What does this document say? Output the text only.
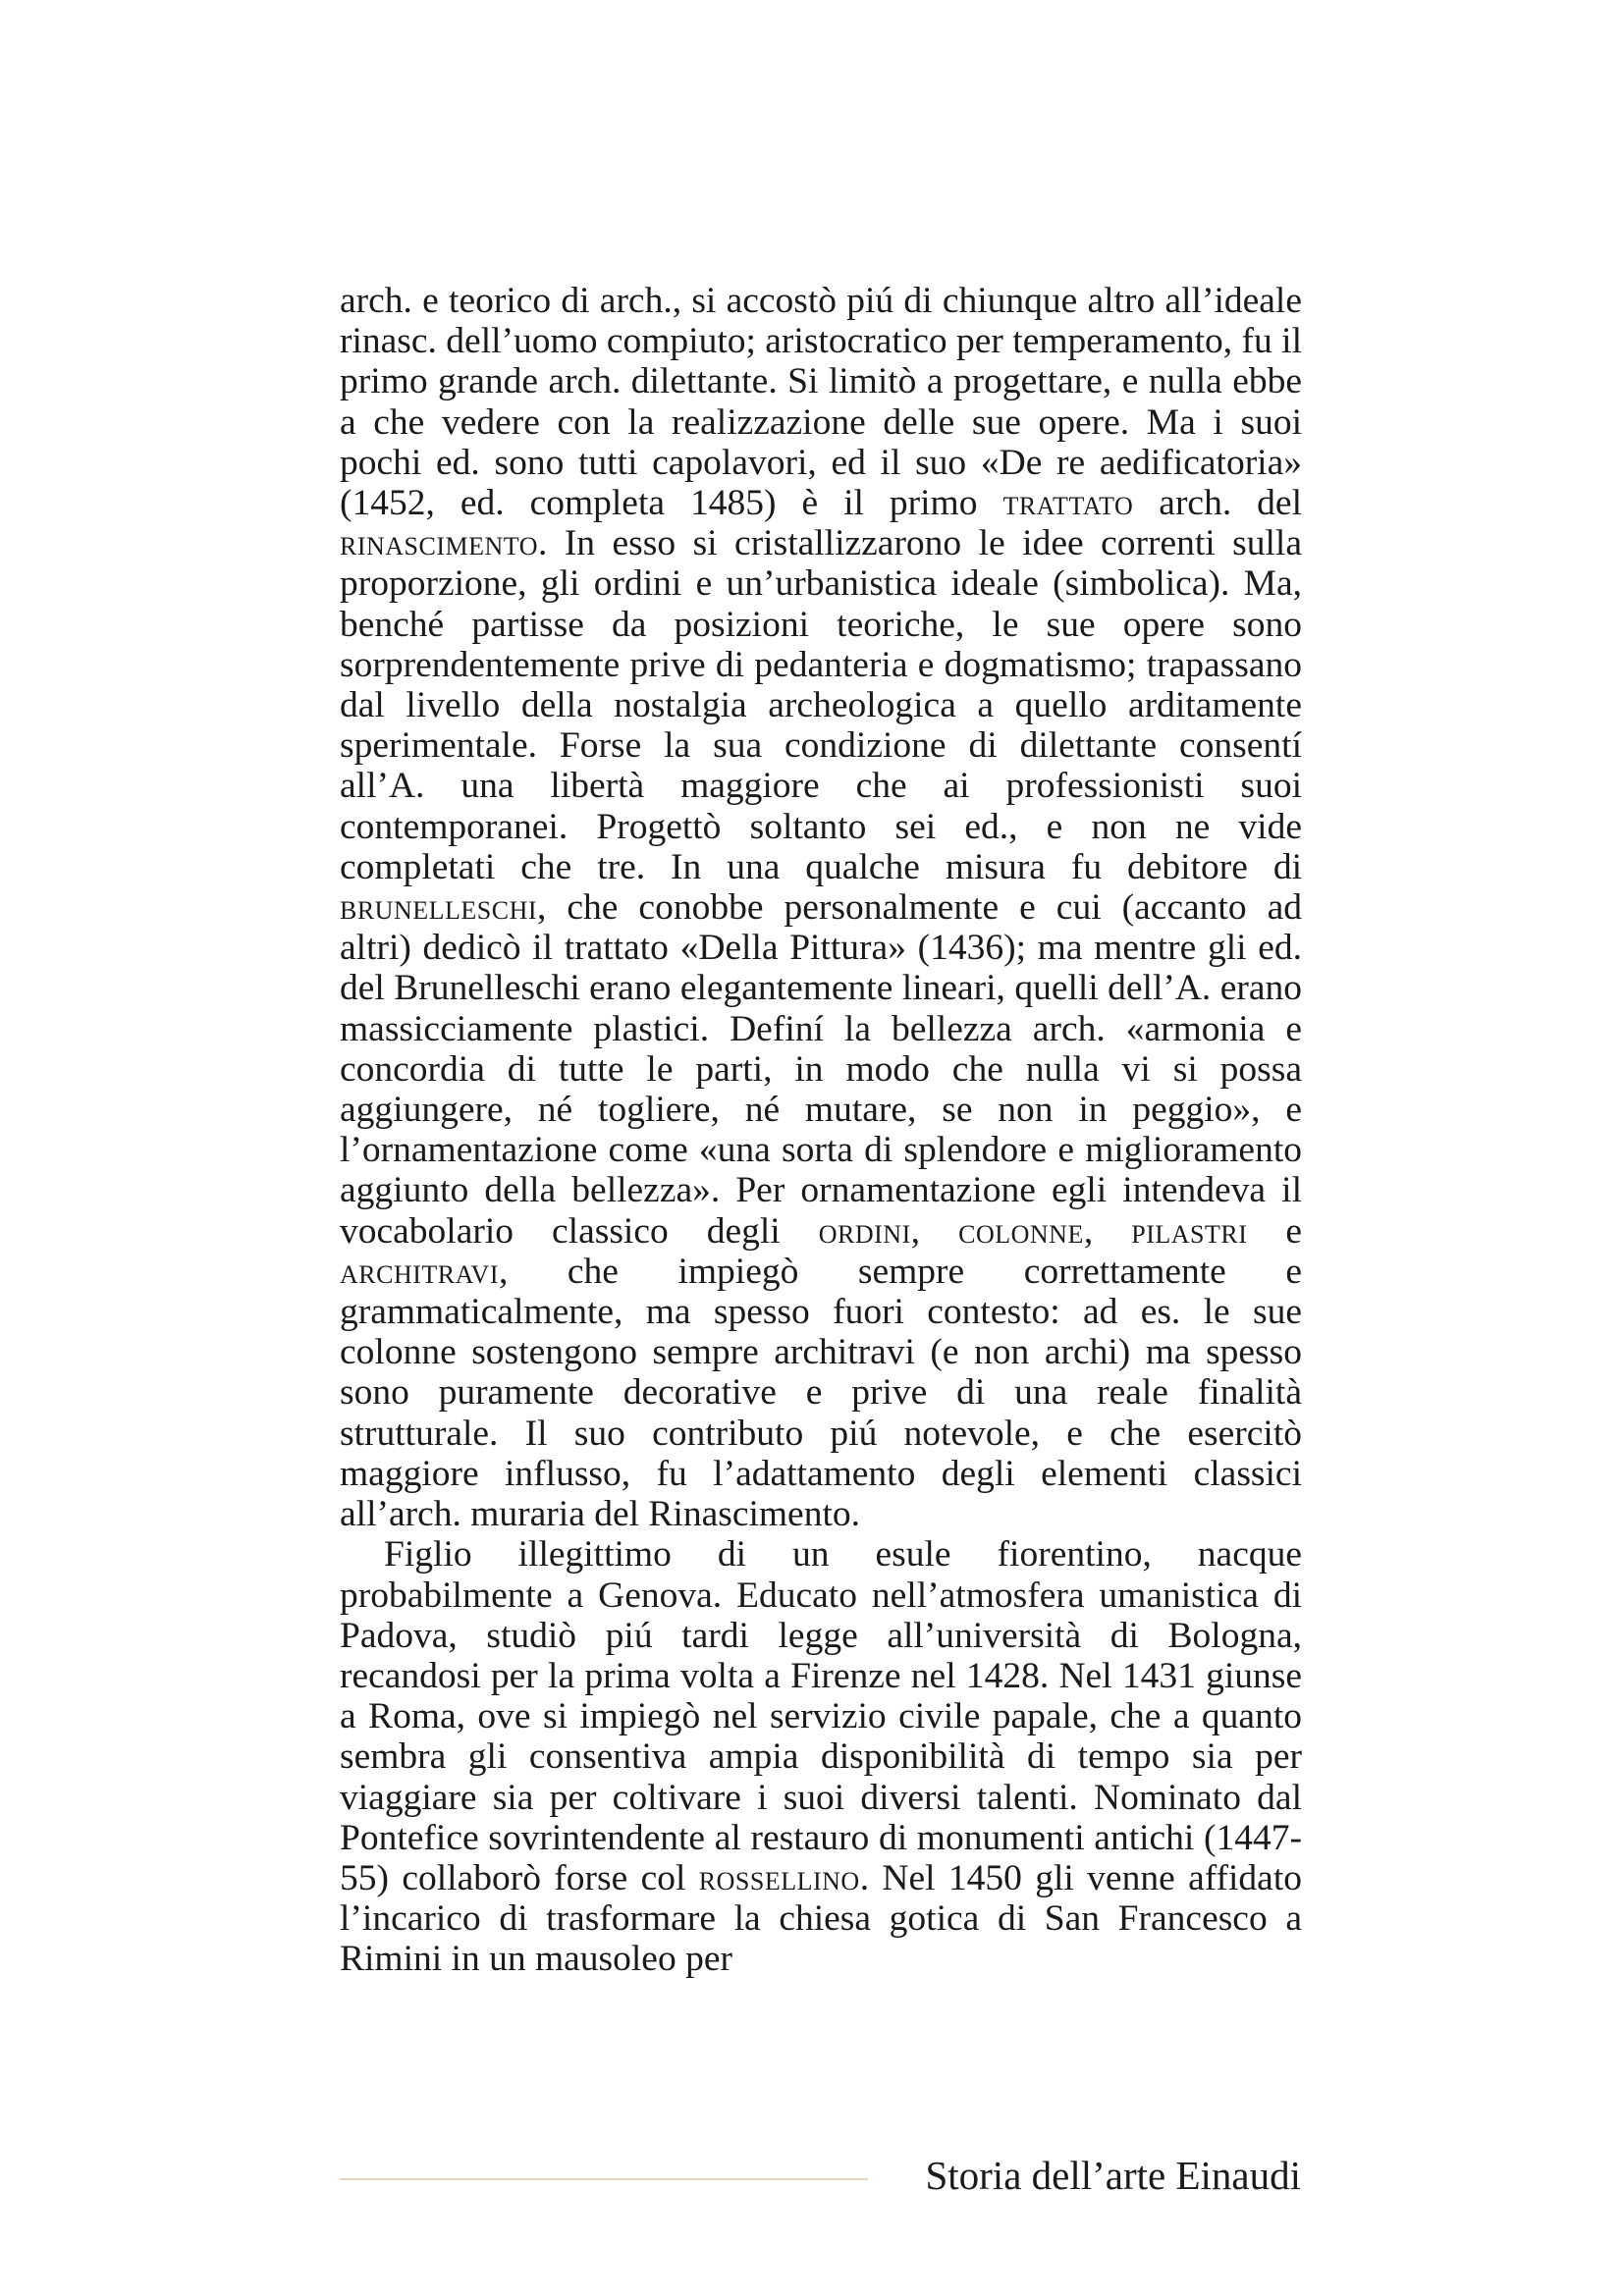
arch. e teorico di arch., si accostò piú di chiunque altro all’ideale rinasc. dell’uomo compiuto; aristocratico per temperamento, fu il primo grande arch. dilettante. Si limitò a progettare, e nulla ebbe a che vedere con la realizzazione delle sue opere. Ma i suoi pochi ed. sono tutti capolavori, ed il suo «De re aedificatoria» (1452, ed. completa 1485) è il primo trattato arch. del rinascimento. In esso si cristallizzarono le idee correnti sulla proporzione, gli ordini e un’urbanistica ideale (simbolica). Ma, benché partisse da posizioni teoriche, le sue opere sono sorprendentemente prive di pedanteria e dogmatismo; trapassano dal livello della nostalgia archeologica a quello arditamente sperimentale. Forse la sua condizione di dilettante consentí all’A. una libertà maggiore che ai professionisti suoi contemporanei. Progettò soltanto sei ed., e non ne vide completati che tre. In una qualche misura fu debitore di brunelleschi, che conobbe personalmente e cui (accanto ad altri) dedicò il trattato «Della Pittura» (1436); ma mentre gli ed. del Brunelleschi erano elegantemente lineari, quelli dell’A. erano massicciamente plastici. Definí la bellezza arch. «armonia e concordia di tutte le parti, in modo che nulla vi si possa aggiungere, né togliere, né mutare, se non in peggio», e l’ornamentazione come «una sorta di splendore e miglioramento aggiunto della bellezza». Per ornamentazione egli intendeva il vocabolario classico degli ordini, colonne, pilastri e architravi, che impiegò sempre correttamente e grammaticalmente, ma spesso fuori contesto: ad es. le sue colonne sostengono sempre architravi (e non archi) ma spesso sono puramente decorative e prive di una reale finalità strutturale. Il suo contributo piú notevole, e che esercitò maggiore influsso, fu l’adattamento degli elementi classici all’arch. muraria del Rinascimento.

Figlio illegittimo di un esule fiorentino, nacque probabilmente a Genova. Educato nell’atmosfera umanistica di Padova, studiò piú tardi legge all’università di Bologna, recandosi per la prima volta a Firenze nel 1428. Nel 1431 giunse a Roma, ove si impiegò nel servizio civile papale, che a quanto sembra gli consentiva ampia disponibilità di tempo sia per viaggiare sia per coltivare i suoi diversi talenti. Nominato dal Pontefice sovrintendente al restauro di monumenti antichi (1447-55) collaborò forse col rossellino. Nel 1450 gli venne affidato l’incarico di trasformare la chiesa gotica di San Francesco a Rimini in un mausoleo per

Storia dell’arte Einaudi
